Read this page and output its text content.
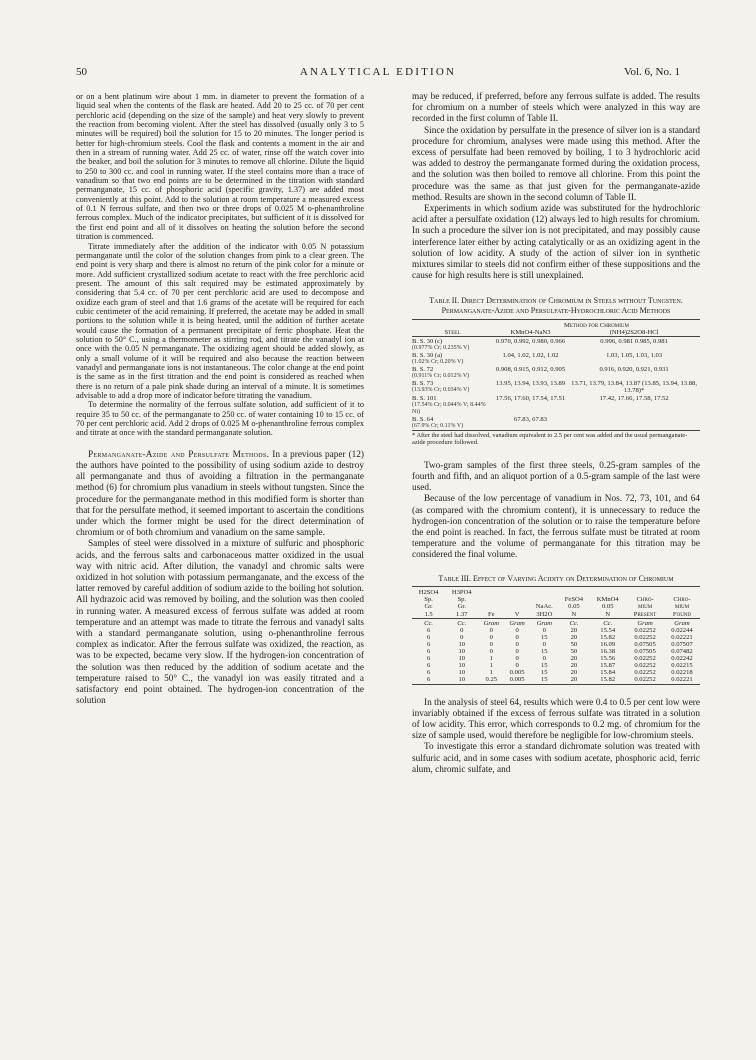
50	ANALYTICAL EDITION	Vol. 6, No. 1

or on a bent platinum wire about 1 mm. in diameter to prevent the formation of a liquid seal when the contents of the flask are heated. Add 20 to 25 cc. of 70 per cent perchloric acid (depending on the size of the sample) and heat very slowly to prevent the reaction from becoming violent. After the steel has dissolved (usually only 3 to 5 minutes will be required) boil the solution for 15 to 20 minutes. The longer period is better for high-chromium steels. Cool the flask and contents a moment in the air and then in a stream of running water. Add 25 cc. of water, rinse off the watch cover into the beaker, and boil the solution for 3 minutes to remove all chlorine. Dilute the liquid to 250 to 300 cc. and cool in running water. If the steel contains more than a trace of vanadium so that two end points are to be determined in the titration with standard permanganate, 15 cc. of phosphoric acid (specific gravity, 1.37) are added most conveniently at this point. Add to the solution at room temperature a measured excess of 0.1 N ferrous sulfate, and then two or three drops of 0.025 M o-phenanthroline ferrous complex. Much of the indicator precipitates, but sufficient of it is dissolved for the first end point and all of it dissolves on heating the solution before the second titration is commenced.

Titrate immediately after the addition of the indicator with 0.05 N potassium permanganate until the color of the solution changes from pink to a clear green. The end point is very sharp and there is almost no return of the pink color for a minute or more. Add sufficient crystallized sodium acetate to react with the free perchloric acid present. The amount of this salt required may be estimated approximately by considering that 5.4 cc. of 70 per cent perchloric acid are used to decompose and oxidize each gram of steel and that 1.6 grams of the acetate will be required for each cubic centimeter of the acid remaining. If preferred, the acetate may be added in small portions to the solution while it is being heated, until the addition of further acetate would cause the formation of a permanent precipitate of ferric phosphate. Heat the solution to 50° C., using a thermometer as stirring rod, and titrate the vanadyl ion at once with the 0.05 N permanganate. The oxidizing agent should be added slowly, as only a small volume of it will be required and also because the reaction between vanadyl and permanganate ions is not instantaneous. The color change at the end point is the same as in the first titration and the end point is considered as reached when there is no return of a pale pink shade during an interval of a minute. It is sometimes advisable to add a drop more of indicator before titrating the vanadium.

To determine the normality of the ferrous sulfate solution, add sufficient of it to require 35 to 50 cc. of the permanganate to 250 cc. of water containing 10 to 15 cc. of 70 per cent perchloric acid. Add 2 drops of 0.025 M o-phenanthroline ferrous complex and titrate at once with the standard permanganate solution.

Permanganate-Azide and Persulfate Methods. In a previous paper (12) the authors have pointed to the possibility of using sodium azide to destroy all permanganate and thus of avoiding a filtration in the permanganate method (6) for chromium plus vanadium in steels without tungsten. Since the procedure for the permanganate method in this modified form is shorter than that for the persulfate method, it seemed important to ascertain the conditions under which the former might be used for the direct determination of chromium or of both chromium and vanadium on the same sample.

Samples of steel were dissolved in a mixture of sulfuric and phosphoric acids, and the ferrous salts and carbonaceous matter oxidized in the usual way with nitric acid. After dilution, the vanadyl and chromic salts were oxidized in hot solution with potassium permanganate, and the excess of the latter removed by careful addition of sodium azide to the boiling hot solution. All hydrazoic acid was removed by boiling, and the solution was then cooled in running water. A measured excess of ferrous sulfate was added at room temperature and an attempt was made to titrate the ferrous and vanadyl salts with a standard permanganate solution, using o-phenanthroline ferrous complex as indicator. After the ferrous sulfate was oxidized, the reaction, as was to be expected, became very slow. If the hydrogen-ion concentration of the solution was then reduced by the addition of sodium acetate and the temperature raised to 50° C., the vanadyl ion was easily titrated and a satisfactory end point obtained. The hydrogen-ion concentration of the solution

may be reduced, if preferred, before any ferrous sulfate is added. The results for chromium on a number of steels which were analyzed in this way are recorded in the first column of Table II.

Since the oxidation by persulfate in the presence of silver ion is a standard procedure for chromium, analyses were made using this method. After the excess of persulfate had been removed by boiling, 1 to 3 hydrochloric acid was added to destroy the permanganate formed during the oxidation process, and the solution was then boiled to remove all chlorine. From this point the procedure was the same as that just given for the permanganate-azide method. Results are shown in the second column of Table II.

Experiments in which sodium azide was substituted for the hydrochloric acid after a persulfate oxidation (12) always led to high results for chromium. In such a procedure the silver ion is not precipitated, and may possibly cause interference later either by acting catalytically or as an oxidizing agent in the solution of low acidity. A study of the action of silver ion in synthetic mixtures similar to steels did not confirm either of these suppositions and the cause for high results here is still unexplained.

Table II. Direct Determination of Chromium in Steels without Tungsten. Permanganate-Azide and Persulfate-Hydrochloric Acid Methods

	Method for Chromium	
Steel	KMnO4-NaN3	(NH4)2S2O8-HCl

B. S. 30 (c)	0.970, 0.992, 0.980, 0.966	0.996, 0.981 0.985, 0.981
(0.977% Cr; 0.235% V)		
B. S. 30 (a)	1.04, 1.02, 1.02, 1.02	1.03, 1.05, 1.03, 1.03
(1.02% Cr; 0.20% V)		
B. S. 72	0.908, 0.915, 0.912, 0.905	0.916, 0.920, 0.921, 0.931
(0.911% Cr; 0.012% V)		
B. S. 73	13.95, 13.94, 13.93, 13.89	13.71, 13.79, 13.84, 13.87 (13.85, 13.94, 13.88, 13.78)*
(13.93% Cr; 0.034% V)		
B. S. 101	17.56, 17.60, 17.54, 17.51	17.42, 17.66, 17.58, 17.52
(17.54% Cr; 0.044% V; 8.44% Ni)		
B. S. 64	67.83, 67.83	
(67.9% Cr; 0.11% V)		

* After the steel had dissolved, vanadium equivalent to 2.5 per cent was added and the usual permanganate-azide procedure followed.		

Two-gram samples of the first three steels, 0.25-gram samples of the fourth and fifth, and an aliquot portion of a 0.5-gram sample of the last were used.

Because of the low percentage of vanadium in Nos. 72, 73, 101, and 64 (as compared with the chromium content), it is unnecessary to reduce the hydrogen-ion concentration of the solution or to raise the temperature before the end point is reached. In fact, the ferrous sulfate must be titrated at room temperature and the volume of permanganate for this titration may be considered the final volume.

Table III. Effect of Varying Acidity on Determination of Chromium

H2SO4	H3PO4							
Sp.	Sp.				FeSO4	KMnO4	Chro-	Chro-
Gr.	Gr.			NaAc.	0.05	0.05	mium	mium
1.5	1.37	Fe	V	3H2O	N	N	Present	Found

Cc.	Cc.	Gram	Gram	Gram	Cc.	Cc.	Gram	Gram
6	0	0	0	0	20	15.54	0.02252	0.02244
6	0	0	0	15	20	15.82	0.02252	0.02221
6	10	0	0	0	50	16.09	0.07505	0.07507
6	10	0	0	15	50	16.38	0.07505	0.07482
6	10	1	0	0	20	15.56	0.02252	0.02242
6	10	1	0	15	20	15.87	0.02252	0.02215
6	10	1	0.005	15	20	15.84	0.02252	0.02218
6	10	0.25	0.005	15	20	15.82	0.02252	0.02221

In the analysis of steel 64, results which were 0.4 to 0.5 per cent low were invariably obtained if the excess of ferrous sulfate was titrated in a solution of low acidity. This error, which corresponds to 0.2 mg. of chromium for the size of sample used, would therefore be negligible for low-chromium steels.

To investigate this error a standard dichromate solution was treated with sulfuric acid, and in some cases with sodium acetate, phosphoric acid, ferric alum, chromic sulfate, and
